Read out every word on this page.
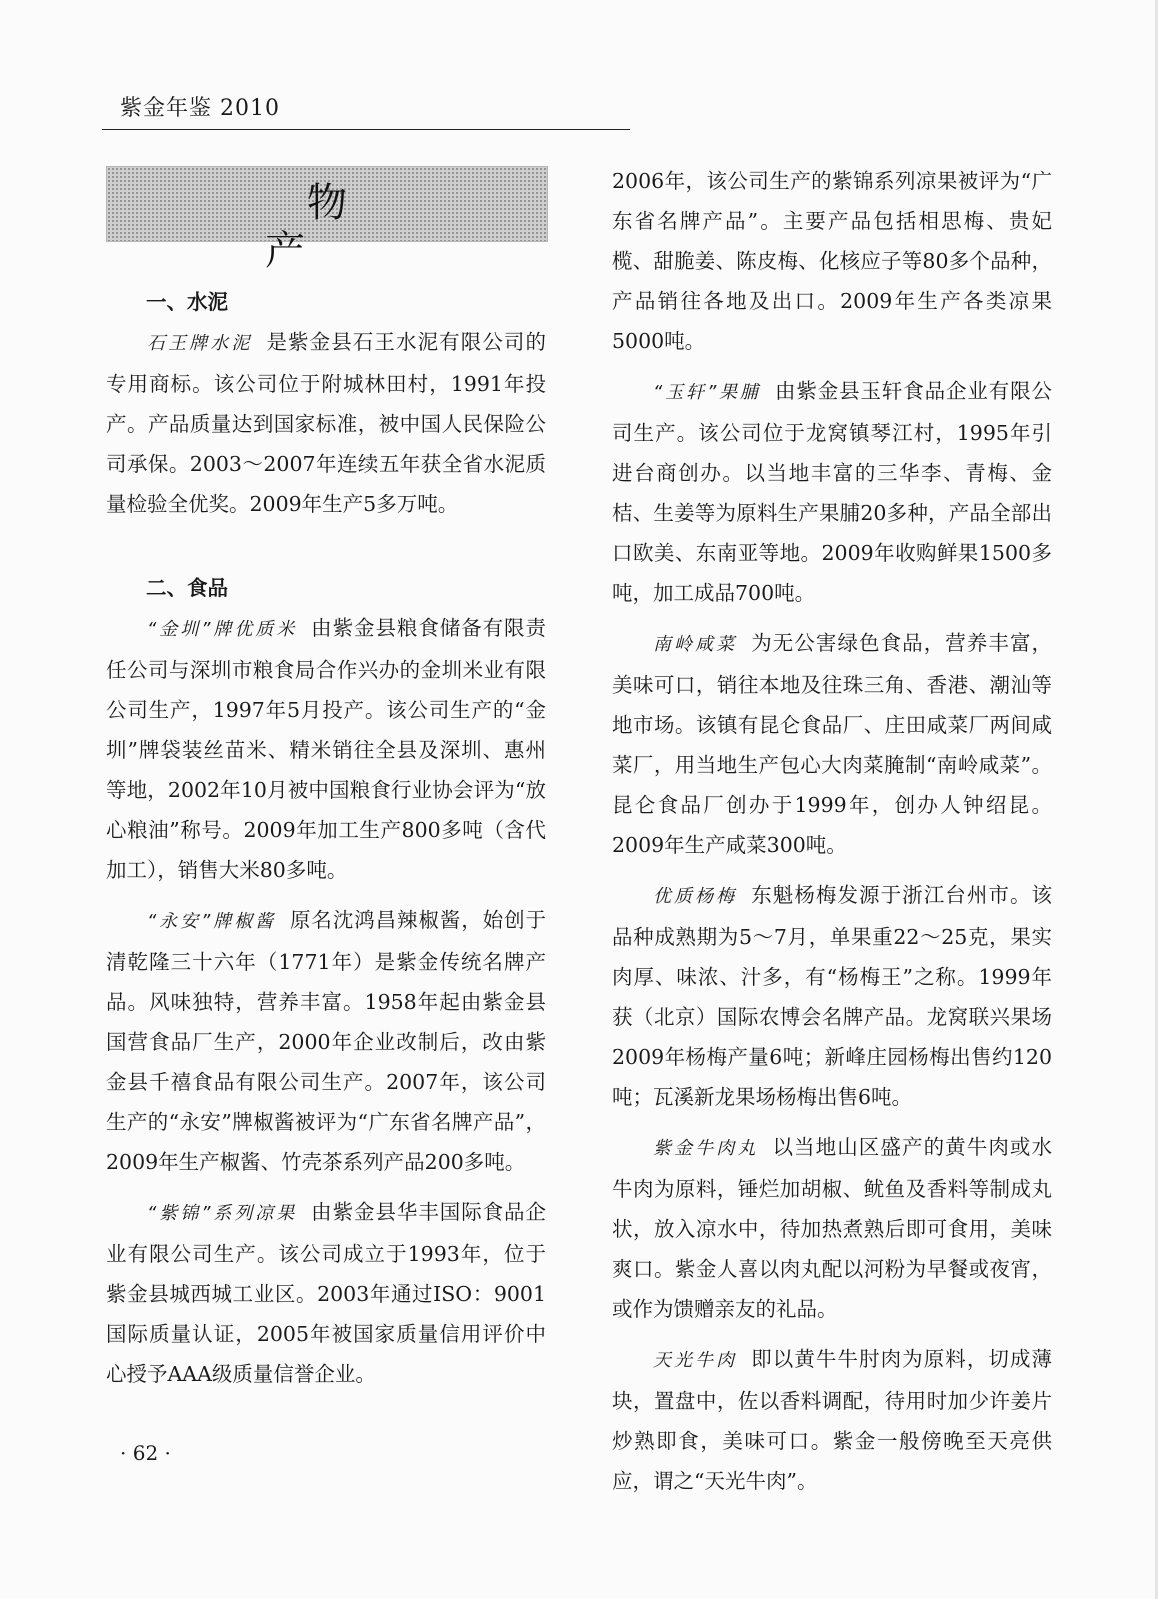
紫金年鉴 2010
物　　产
一、水泥

石王牌水泥 是紫金县石王水泥有限公司的专用商标。该公司位于附城林田村，1991年投产。产品质量达到国家标准，被中国人民保险公司承保。2003～2007年连续五年获全省水泥质量检验全优奖。2009年生产5多万吨。

二、食品

“金圳”牌优质米 由紫金县粮食储备有限责任公司与深圳市粮食局合作兴办的金圳米业有限公司生产，1997年5月投产。该公司生产的“金圳”牌袋装丝苗米、精米销往全县及深圳、惠州等地，2002年10月被中国粮食行业协会评为“放心粮油”称号。2009年加工生产800多吨（含代加工），销售大米80多吨。

“永安”牌椒酱 原名沈鸿昌辣椒酱，始创于清乾隆三十六年（1771年）是紫金传统名牌产品。风味独特，营养丰富。1958年起由紫金县国营食品厂生产，2000年企业改制后，改由紫金县千禧食品有限公司生产。2007年，该公司生产的“永安”牌椒酱被评为“广东省名牌产品”，2009年生产椒酱、竹壳茶系列产品200多吨。

“紫锦”系列凉果 由紫金县华丰国际食品企业有限公司生产。该公司成立于1993年，位于紫金县城西城工业区。2003年通过ISO：9001国际质量认证，2005年被国家质量信用评价中心授予AAA级质量信誉企业。

2006年，该公司生产的紫锦系列凉果被评为“广东省名牌产品”。主要产品包括相思梅、贵妃榄、甜脆姜、陈皮梅、化核应子等80多个品种，产品销往各地及出口。2009年生产各类凉果5000吨。

“玉轩”果脯 由紫金县玉轩食品企业有限公司生产。该公司位于龙窝镇琴江村，1995年引进台商创办。以当地丰富的三华李、青梅、金桔、生姜等为原料生产果脯20多种，产品全部出口欧美、东南亚等地。2009年收购鲜果1500多吨，加工成品700吨。

南岭咸菜 为无公害绿色食品，营养丰富，美味可口，销往本地及往珠三角、香港、潮汕等地市场。该镇有昆仑食品厂、庄田咸菜厂两间咸菜厂，用当地生产包心大肉菜腌制“南岭咸菜”。昆仑食品厂创办于1999年，创办人钟绍昆。2009年生产咸菜300吨。

优质杨梅 东魁杨梅发源于浙江台州市。该品种成熟期为5～7月，单果重22～25克，果实肉厚、味浓、汁多，有“杨梅王”之称。1999年获（北京）国际农博会名牌产品。龙窝联兴果场2009年杨梅产量6吨；新峰庄园杨梅出售约120吨；瓦溪新龙果场杨梅出售6吨。

紫金牛肉丸 以当地山区盛产的黄牛肉或水牛肉为原料，锤烂加胡椒、鱿鱼及香料等制成丸状，放入凉水中，待加热煮熟后即可食用，美味爽口。紫金人喜以肉丸配以河粉为早餐或夜宵，或作为馈赠亲友的礼品。

天光牛肉 即以黄牛牛肘肉为原料，切成薄块，置盘中，佐以香料调配，待用时加少许姜片炒熟即食，美味可口。紫金一般傍晚至天亮供应，谓之“天光牛肉”。

· 62 ·
